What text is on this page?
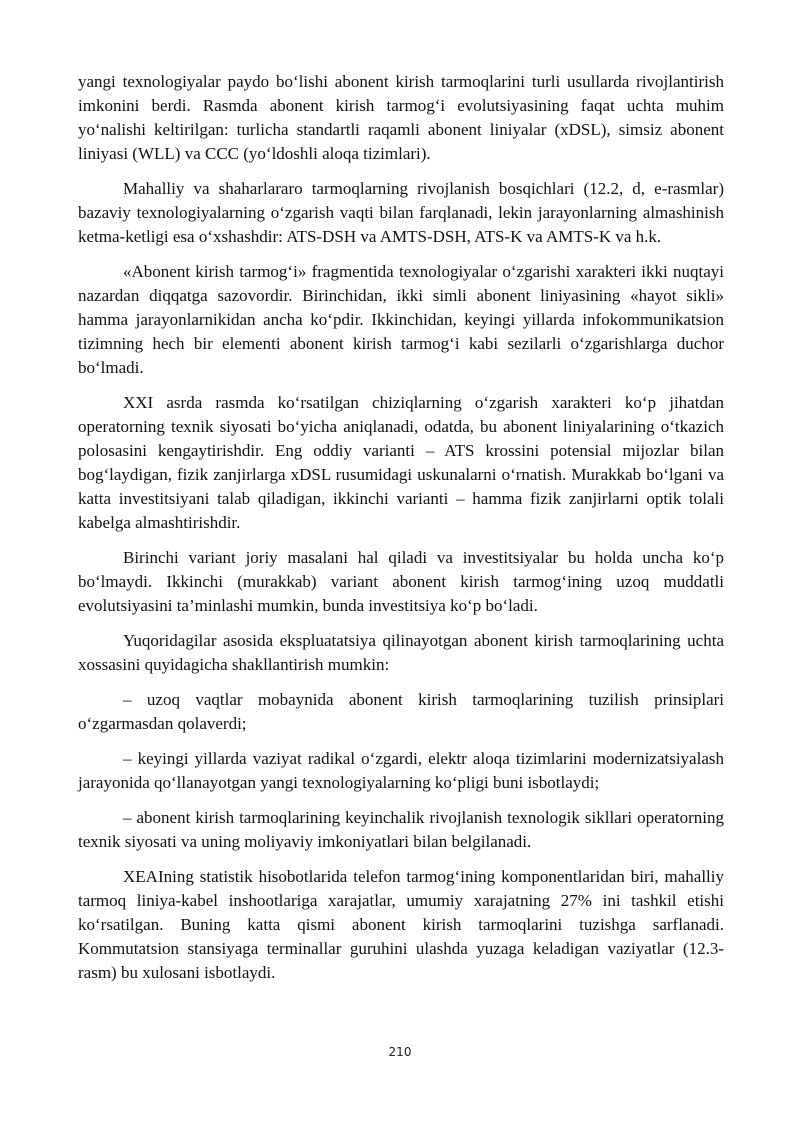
yangi texnologiyalar paydo bo‘lishi abonent kirish tarmoqlarini turli usullarda rivojlantirish imkonini berdi. Rasmda abonent kirish tarmog‘i evolutsiyasining faqat uchta muhim yo‘nalishi keltirilgan: turlicha standartli raqamli abonent liniyalar (xDSL), simsiz abonent liniyasi (WLL) va CCC (yo‘ldoshli aloqa tizimlari).

Mahalliy va shaharlararo tarmoqlarning rivojlanish bosqichlari (12.2, d, e-rasmlar) bazaviy texnologiyalarning o‘zgarish vaqti bilan farqlanadi, lekin jarayonlarning almashinish ketma-ketligi esa o‘xshashdir: ATS-DSH va AMTS-DSH, ATS-K va AMTS-K va h.k.

«Abonent kirish tarmog‘i» fragmentida texnologiyalar o‘zgarishi xarakteri ikki nuqtayi nazardan diqqatga sazovordir. Birinchidan, ikki simli abonent liniyasining «hayot sikli» hamma jarayonlarnikidan ancha ko‘pdir. Ikkinchidan, keyingi yillarda infokommunikatsion tizimning hech bir elementi abonent kirish tarmog‘i kabi sezilarli o‘zgarishlarga duchor bo‘lmadi.

XXI asrda rasmda ko‘rsatilgan chiziqlarning o‘zgarish xarakteri ko‘p jihatdan operatorning texnik siyosati bo‘yicha aniqlanadi, odatda, bu abonent liniyalarining o‘tkazich polosasini kengaytirishdir. Eng oddiy varianti – ATS krossini potensial mijozlar bilan bog‘laydigan, fizik zanjirlarga xDSL rusumidagi uskunalarni o‘rnatish. Murakkab bo‘lgani va katta investitsiyani talab qiladigan, ikkinchi varianti – hamma fizik zanjirlarni optik tolali kabelga almashtirishdir.

Birinchi variant joriy masalani hal qiladi va investitsiyalar bu holda uncha ko‘p bo‘lmaydi. Ikkinchi (murakkab) variant abonent kirish tarmog‘ining uzoq muddatli evolutsiyasini ta’minlashi mumkin, bunda investitsiya ko‘p bo‘ladi.

Yuqoridagilar asosida ekspluatatsiya qilinayotgan abonent kirish tarmoqlarining uchta xossasini quyidagicha shakllantirish mumkin:

– uzoq vaqtlar mobaynida abonent kirish tarmoqlarining tuzilish prinsiplari o‘zgarmasdan qolaverdi;

– keyingi yillarda vaziyat radikal o‘zgardi, elektr aloqa tizimlarini modernizatsiyalash jarayonida qo‘llanayotgan yangi texnologiyalarning ko‘pligi buni isbotlaydi;

– abonent kirish tarmoqlarining keyinchalik rivojlanish texnologik sikllari operatorning texnik siyosati va uning moliyaviy imkoniyatlari bilan belgilanadi.

XEAIning statistik hisobotlarida telefon tarmog‘ining komponentlaridan biri, mahalliy tarmoq liniya-kabel inshootlariga xarajatlar, umumiy xarajatning 27% ini tashkil etishi ko‘rsatilgan. Buning katta qismi abonent kirish tarmoqlarini tuzishga sarflanadi. Kommutatsion stansiyaga terminallar guruhini ulashda yuzaga keladigan vaziyatlar (12.3-rasm) bu xulosani isbotlaydi.

210
